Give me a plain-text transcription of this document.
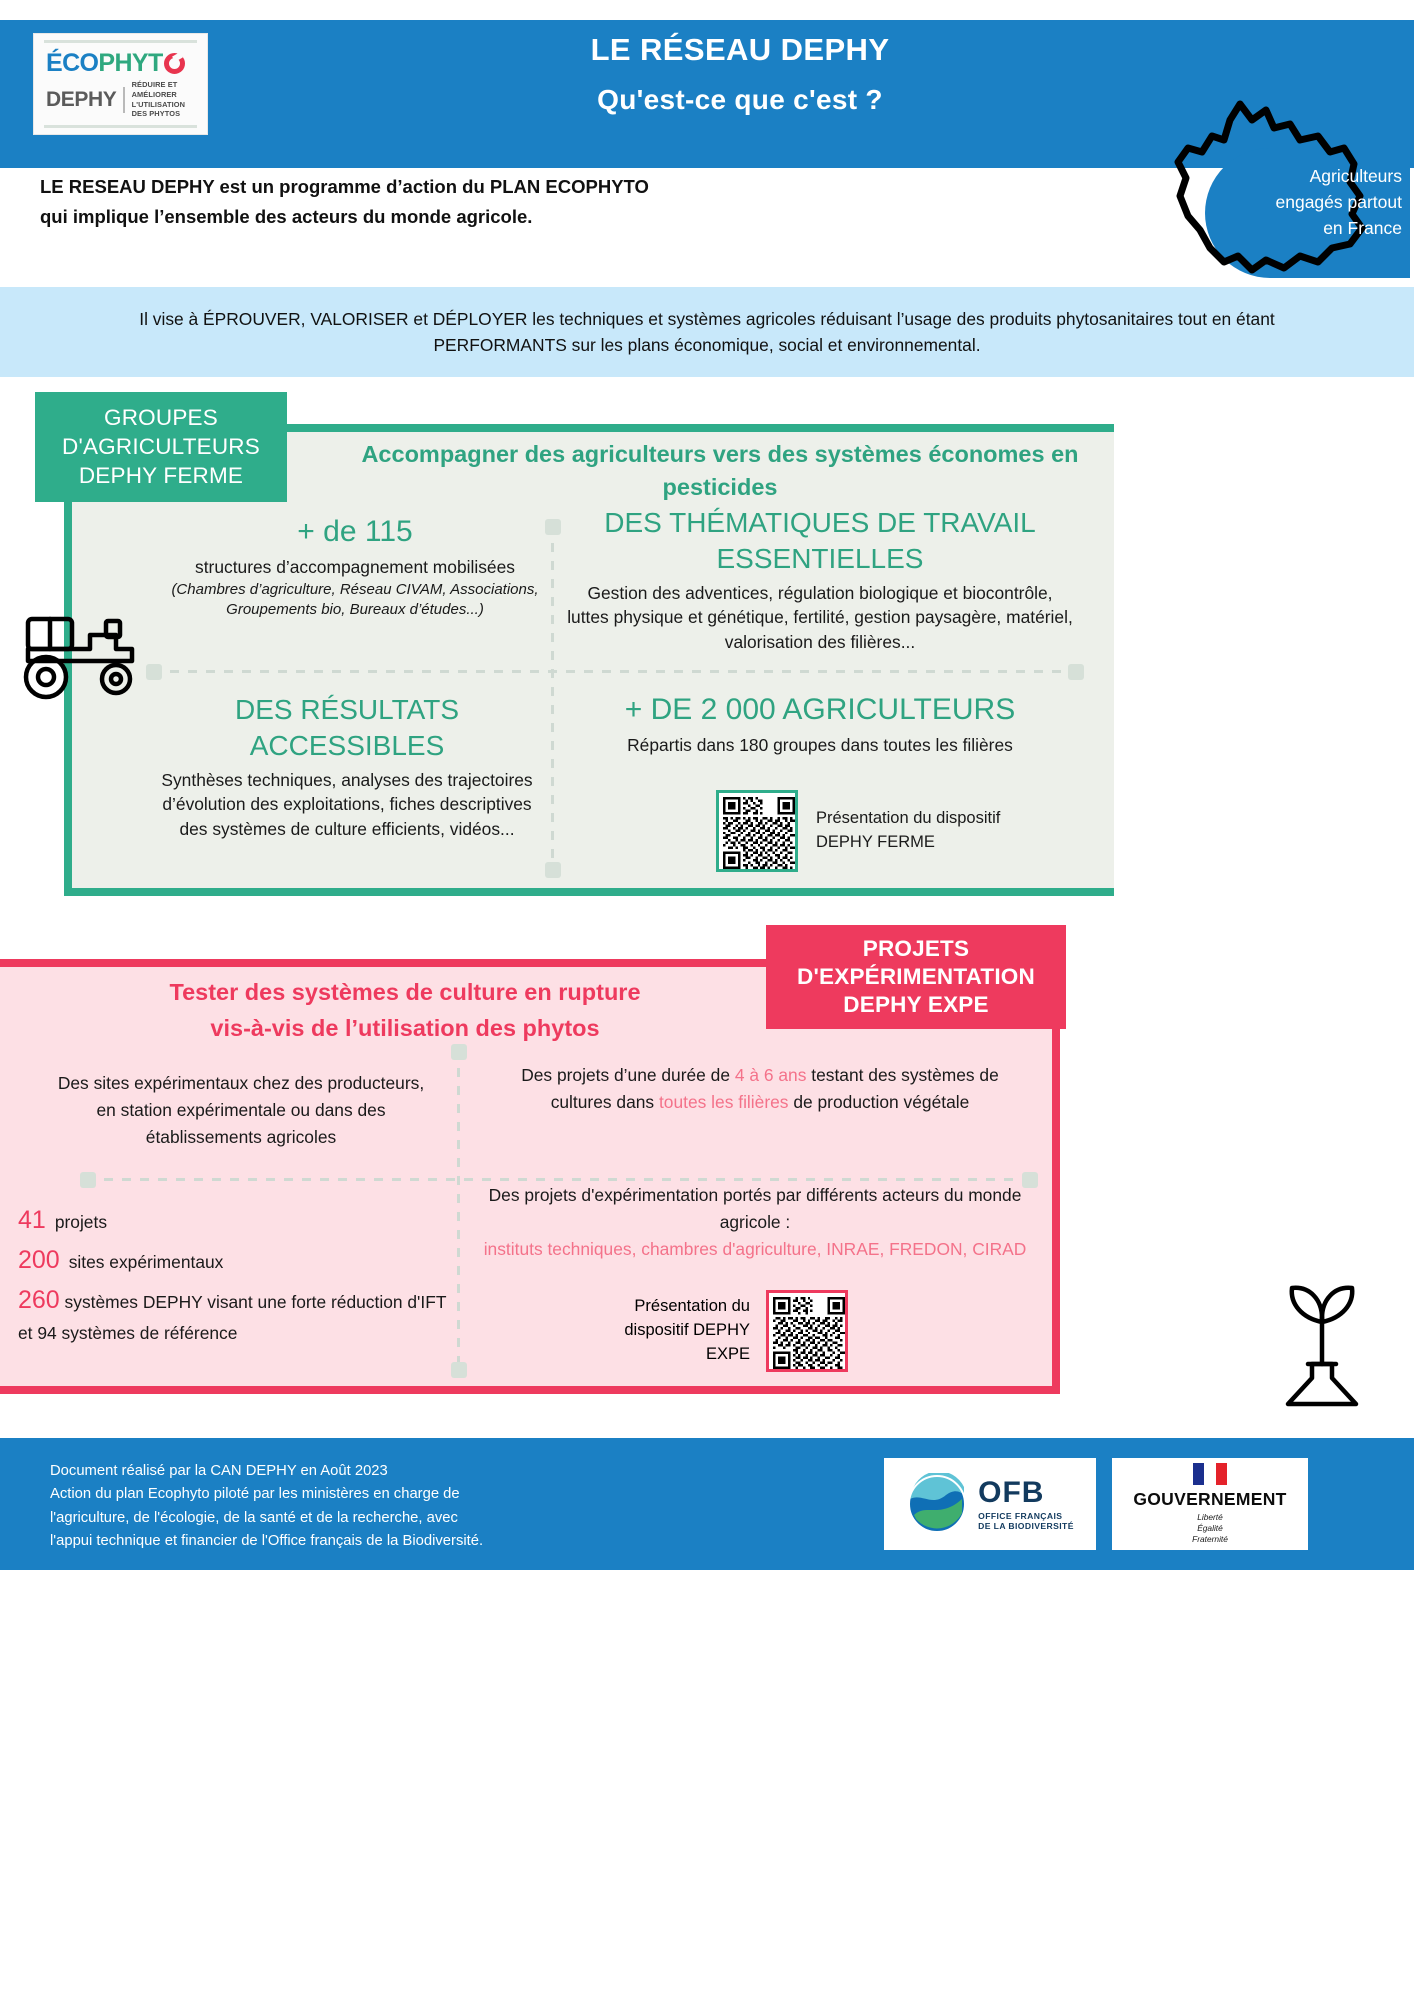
ÉCO PHYT
DEPHY
RÉDUIRE ET AMÉLIORER
L'UTILISATION DES PHYTOS
LE RÉSEAU DEPHY
Qu'est-ce que c'est ?
LE RESEAU DEPHY est un programme d’action du PLAN ECOPHYTO
qui implique l’ensemble des acteurs du monde agricole.
Agriculteurs
engagés partout
en France

Il vise à ÉPROUVER, VALORISER et DÉPLOYER les techniques et systèmes agricoles réduisant l’usage des produits phytosanitaires tout en étant PERFORMANTS sur les plans économique, social et environnemental.

GROUPES
D'AGRICULTEURS
DEPHY FERME
Accompagner des agriculteurs vers des systèmes économes en pesticides
+ de 115
structures d’accompagnement mobilisées
(Chambres d’agriculture, Réseau CIVAM, Associations, Groupements bio, Bureaux d’études...)
DES THÉMATIQUES DE TRAVAIL ESSENTIELLES
Gestion des adventices, régulation biologique et biocontrôle, luttes physique et génétique, fertilité, gestion paysagère, matériel, valorisation des filières...
DES RÉSULTATS ACCESSIBLES
Synthèses techniques, analyses des trajectoires d’évolution des exploitations, fiches descriptives des systèmes de culture efficients, vidéos...
+ DE 2 000 AGRICULTEURS
Répartis dans 180 groupes dans toutes les filières
Présentation du dispositif
DEPHY FERME
PROJETS
D'EXPÉRIMENTATION
DEPHY EXPE
Tester des systèmes de culture en rupture
vis-à-vis de l’utilisation des phytos
Des sites expérimentaux chez des producteurs, en station expérimentale ou dans des établissements agricoles
Des projets d’une durée de 4 à 6 ans testant des systèmes de cultures dans toutes les filières de production végétale
41 projets
200 sites expérimentaux
260 systèmes DEPHY visant une forte réduction d'IFT et 94 systèmes de référence
Des projets d'expérimentation portés par différents acteurs du monde agricole :
instituts techniques, chambres d'agriculture, INRAE, FREDON, CIRAD
Présentation du dispositif DEPHY EXPE
Document réalisé par la CAN DEPHY en Août 2023
Action du plan Ecophyto piloté par les ministères en charge de
l'agriculture, de l'écologie, de la santé et de la recherche, avec
l'appui technique et financier de l'Office français de la Biodiversité.
OFB
OFFICE FRANÇAIS
DE LA BIODIVERSITÉ
GOUVERNEMENT
Liberté
Égalité
Fraternité
